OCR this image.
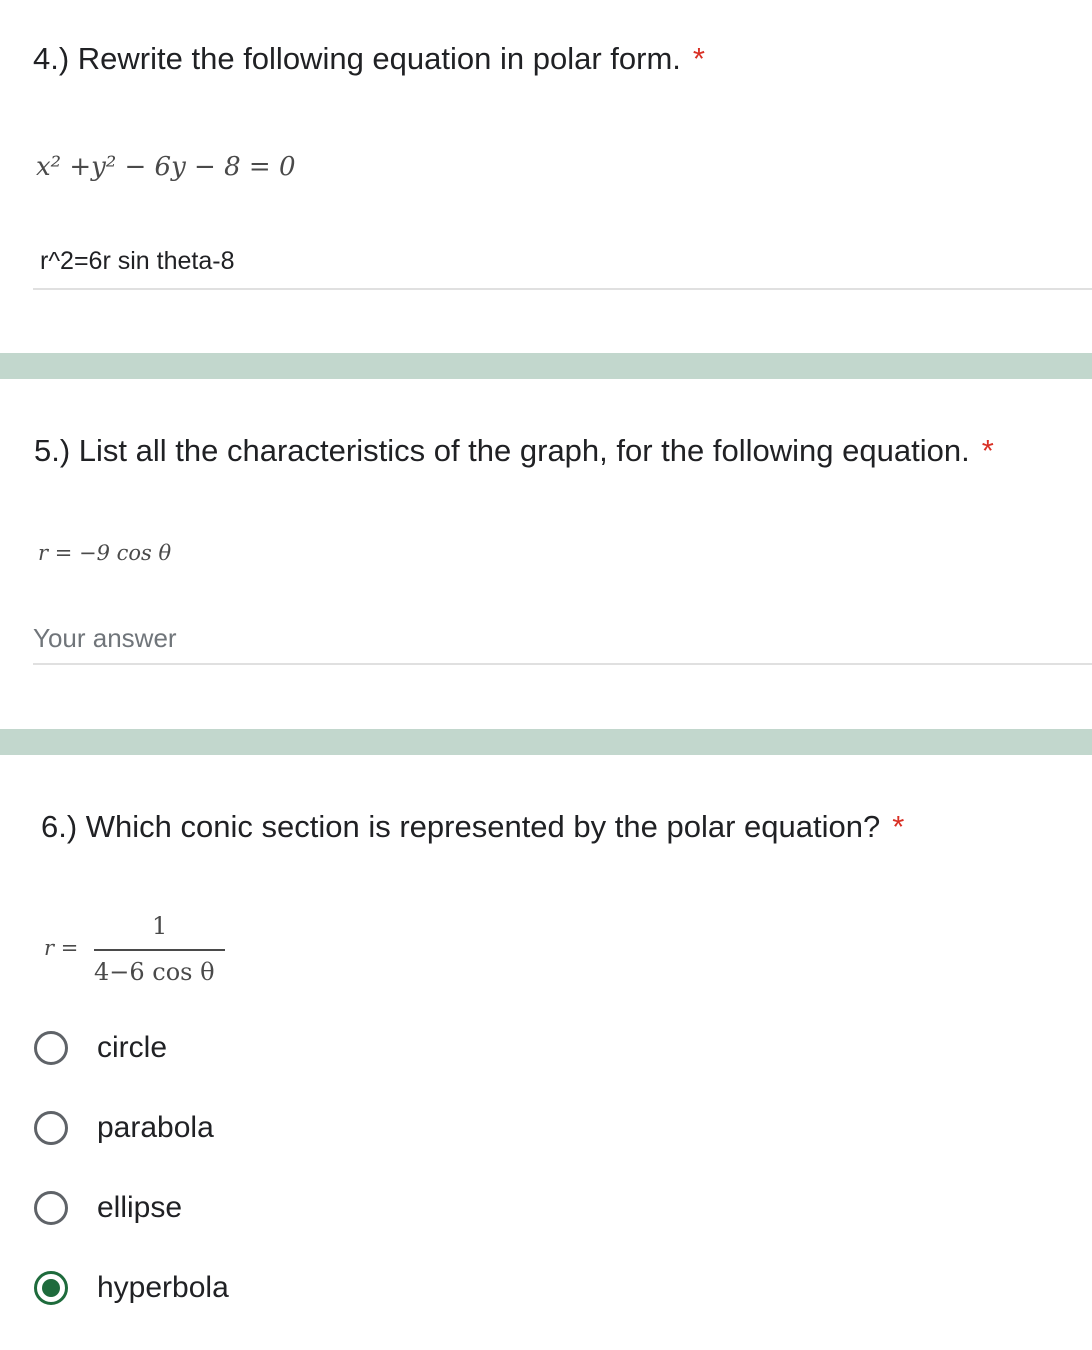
4.) Rewrite the following equation in polar form. *
x² +y² − 6y − 8 = 0
r^2=6r sin theta-8
5.) List all the characteristics of the graph, for the following equation. *
r = −9 cos θ
Your answer
6.) Which conic section is represented by the polar equation? *
r =
1
4−6 cos θ
circle
parabola
ellipse
hyperbola
